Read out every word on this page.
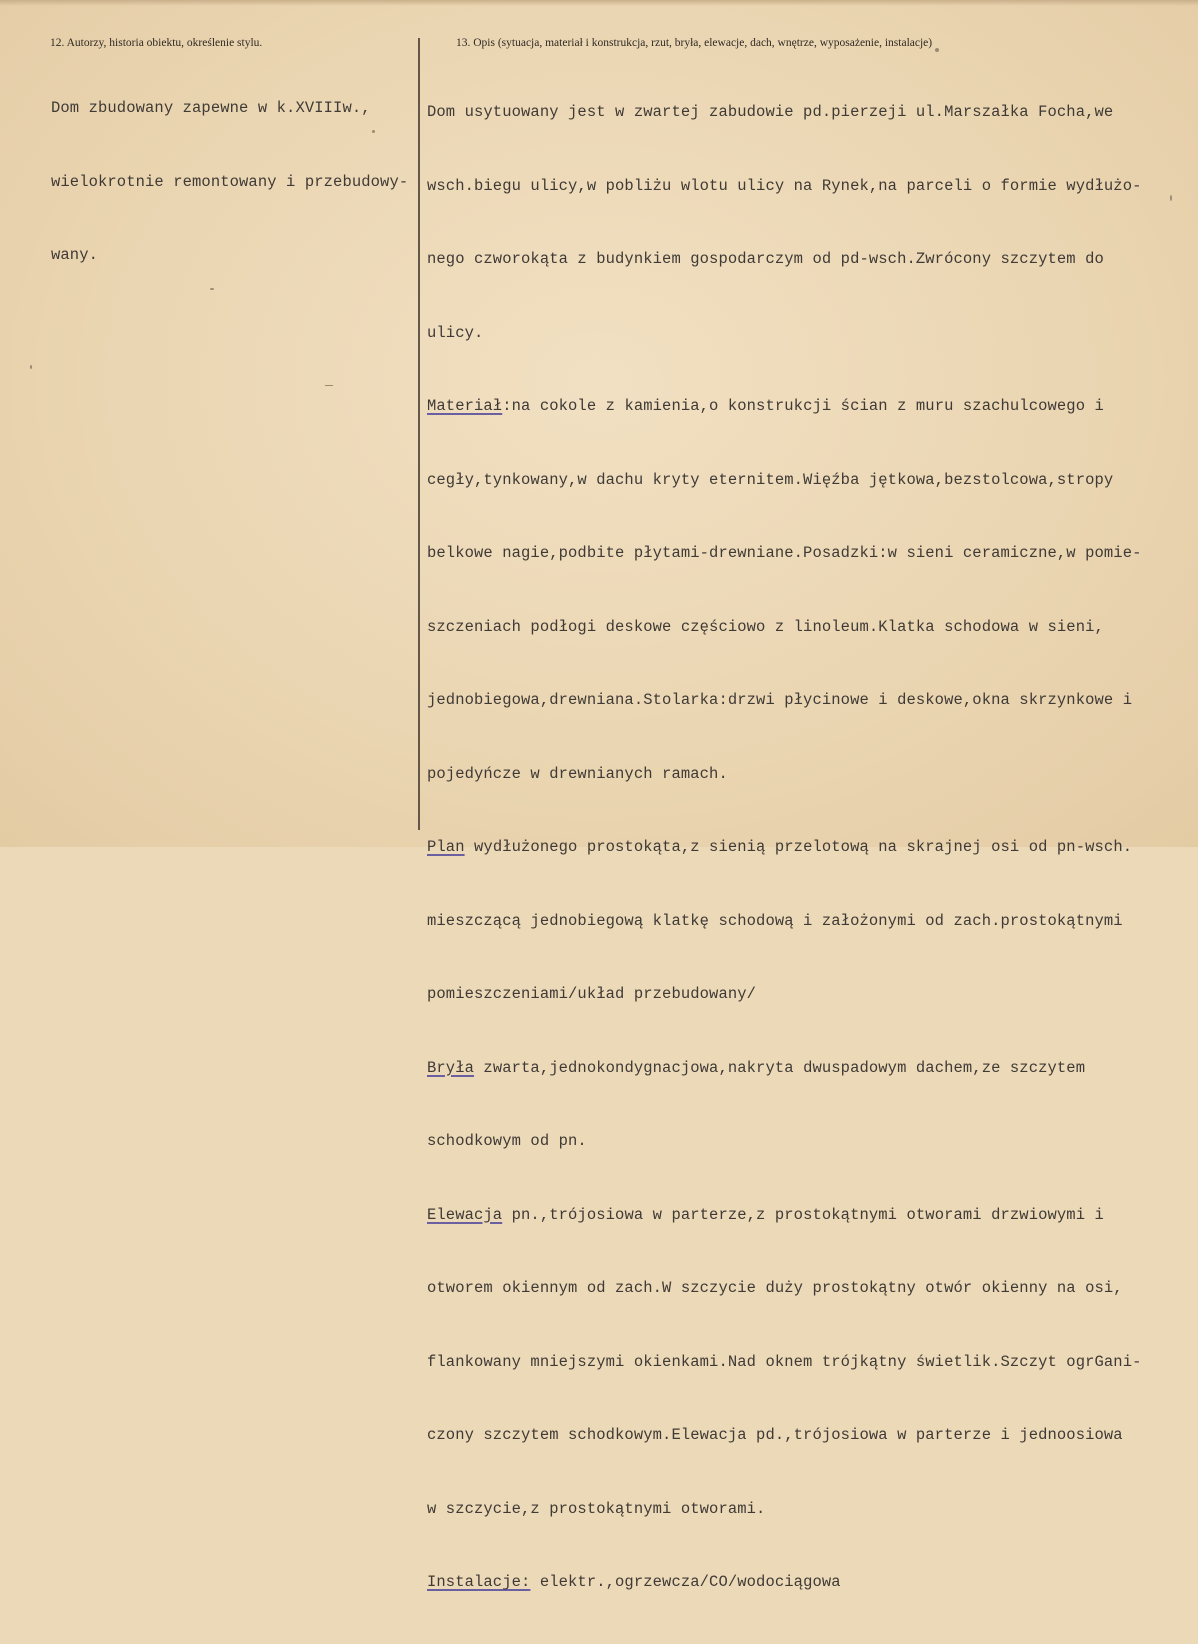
12. Autorzy, historia obiektu, określenie stylu.	13. Opis (sytuacja, materiał i konstrukcja, rzut, bryła, elewacje, dach, wnętrze, wyposażenie, instalacje)

Dom zbudowany zapewne w k.XVIIIw.,

wielokrotnie remontowany i przebudowy-

wany.

Dom usytuowany jest w zwartej zabudowie pd.pierzeji ul.Marszałka Focha,we

wsch.biegu ulicy,w pobliżu wlotu ulicy na Rynek,na parceli o formie wydłużo-

nego czworokąta z budynkiem gospodarczym od pd-wsch.Zwrócony szczytem do

ulicy.

Materiał:na cokole z kamienia,o konstrukcji ścian z muru szachulcowego i

cegły,tynkowany,w dachu kryty eternitem.Więźba jętkowa,bezstolcowa,stropy

belkowe nagie,podbite płytami-drewniane.Posadzki:w sieni ceramiczne,w pomie-

szczeniach podłogi deskowe częściowo z linoleum.Klatka schodowa w sieni,

jednobiegowa,drewniana.Stolarka:drzwi płycinowe i deskowe,okna skrzynkowe i

pojedyńcze w drewnianych ramach.

Plan wydłużonego prostokąta,z sienią przelotową na skrajnej osi od pn-wsch.

mieszczącą jednobiegową klatkę schodową i założonymi od zach.prostokątnymi

pomieszczeniami/układ przebudowany/

Bryła zwarta,jednokondygnacjowa,nakryta dwuspadowym dachem,ze szczytem

schodkowym od pn.

Elewacja pn.,trójosiowa w parterze,z prostokątnymi otworami drzwiowymi i

otworem okiennym od zach.W szczycie duży prostokątny otwór okienny na osi,

flankowany mniejszymi okienkami.Nad oknem trójkątny świetlik.Szczyt ogrGani-

czony szczytem schodkowym.Elewacja pd.,trójosiowa w parterze i jednoosiowa

w szczycie,z prostokątnymi otworami.

Instalacje: elektr.,ogrzewcza/CO/wodociągowa
